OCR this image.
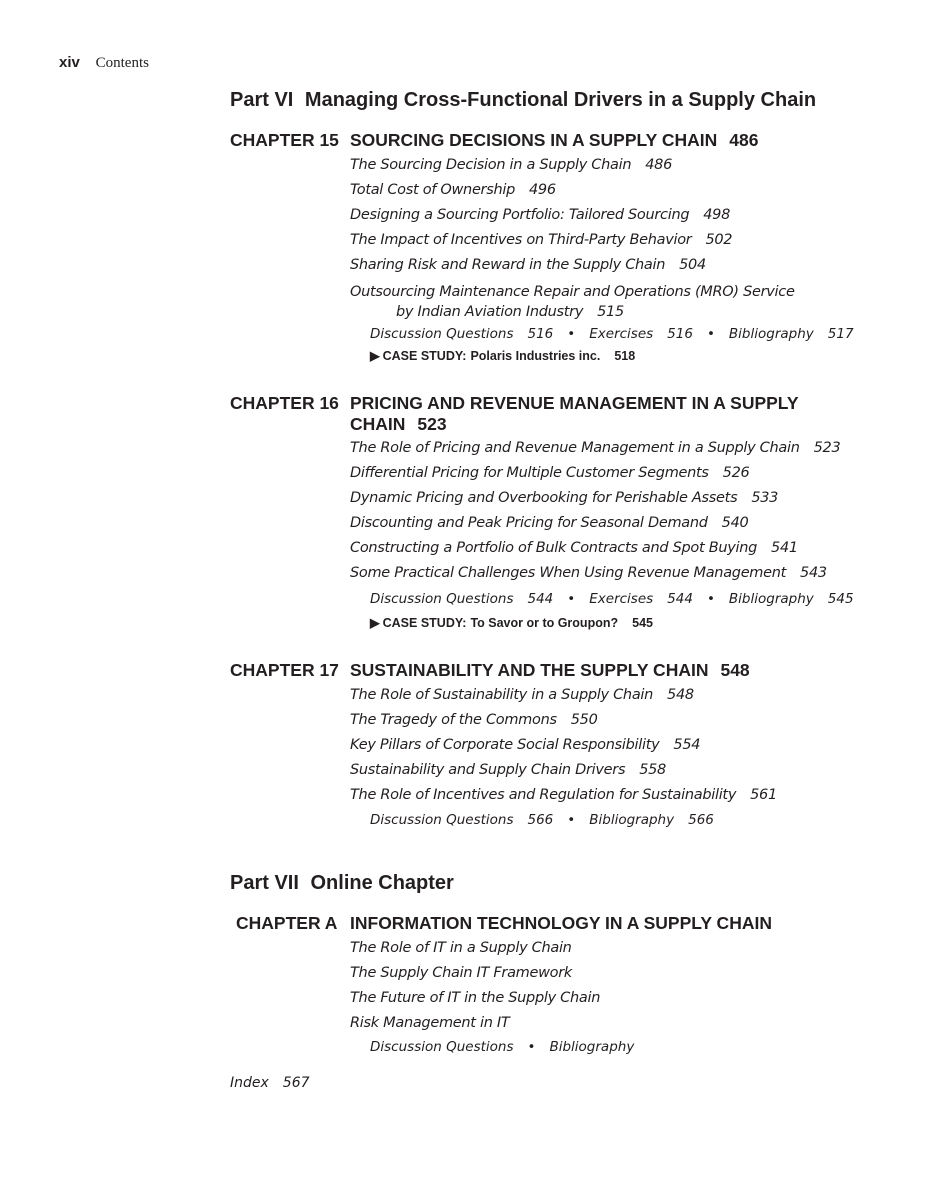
xiv Contents
Part VI Managing Cross-Functional Drivers in a Supply Chain
CHAPTER 15 SOURCING DECISIONS IN A SUPPLY CHAIN 486
The Sourcing Decision in a Supply Chain 486
Total Cost of Ownership 496
Designing a Sourcing Portfolio: Tailored Sourcing 498
The Impact of Incentives on Third-Party Behavior 502
Sharing Risk and Reward in the Supply Chain 504
Outsourcing Maintenance Repair and Operations (MRO) Service
by Indian Aviation Industry 515
Discussion Questions 516 • Exercises 516 • Bibliography 517
▶ CASE STUDY: Polaris Industries inc. 518
CHAPTER 16 PRICING AND REVENUE MANAGEMENT IN A SUPPLY CHAIN 523
The Role of Pricing and Revenue Management in a Supply Chain 523
Differential Pricing for Multiple Customer Segments 526
Dynamic Pricing and Overbooking for Perishable Assets 533
Discounting and Peak Pricing for Seasonal Demand 540
Constructing a Portfolio of Bulk Contracts and Spot Buying 541
Some Practical Challenges When Using Revenue Management 543
Discussion Questions 544 • Exercises 544 • Bibliography 545
▶ CASE STUDY: To Savor or to Groupon? 545
CHAPTER 17 SUSTAINABILITY AND THE SUPPLY CHAIN 548
The Role of Sustainability in a Supply Chain 548
The Tragedy of the Commons 550
Key Pillars of Corporate Social Responsibility 554
Sustainability and Supply Chain Drivers 558
The Role of Incentives and Regulation for Sustainability 561
Discussion Questions 566 • Bibliography 566
Part VII Online Chapter
CHAPTER A INFORMATION TECHNOLOGY IN A SUPPLY CHAIN
The Role of IT in a Supply Chain
The Supply Chain IT Framework
The Future of IT in the Supply Chain
Risk Management in IT
Discussion Questions • Bibliography
Index 567
